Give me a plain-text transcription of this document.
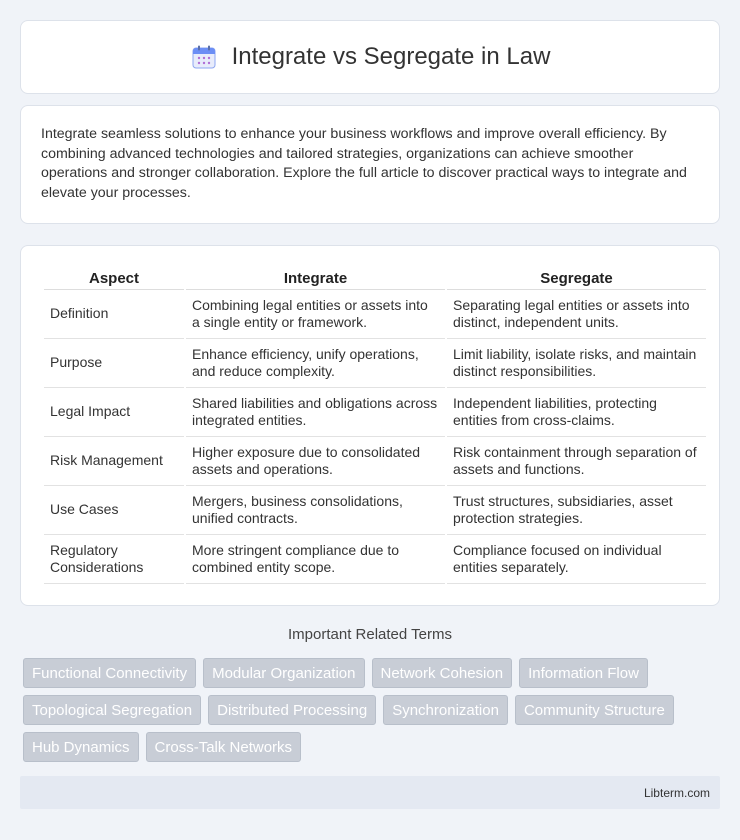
Integrate vs Segregate in Law

Integrate seamless solutions to enhance your business workflows and improve overall efficiency. By combining advanced technologies and tailored strategies, organizations can achieve smoother operations and stronger collaboration. Explore the full article to discover practical ways to integrate and elevate your processes.

Aspect	Integrate	Segregate
Definition	Combining legal entities or assets into a single entity or framework.	Separating legal entities or assets into distinct, independent units.
Purpose	Enhance efficiency, unify operations, and reduce complexity.	Limit liability, isolate risks, and maintain distinct responsibilities.
Legal Impact	Shared liabilities and obligations across integrated entities.	Independent liabilities, protecting entities from cross-claims.
Risk Management	Higher exposure due to consolidated assets and operations.	Risk containment through separation of assets and functions.
Use Cases	Mergers, business consolidations, unified contracts.	Trust structures, subsidiaries, asset protection strategies.
Regulatory Considerations	More stringent compliance due to combined entity scope.	Compliance focused on individual entities separately.
Important Related Terms
Functional Connectivity	Modular Organization	Network Cohesion	Information Flow
Topological Segregation	Distributed Processing	Synchronization	Community Structure
Hub Dynamics	Cross-Talk Networks
Libterm.com
